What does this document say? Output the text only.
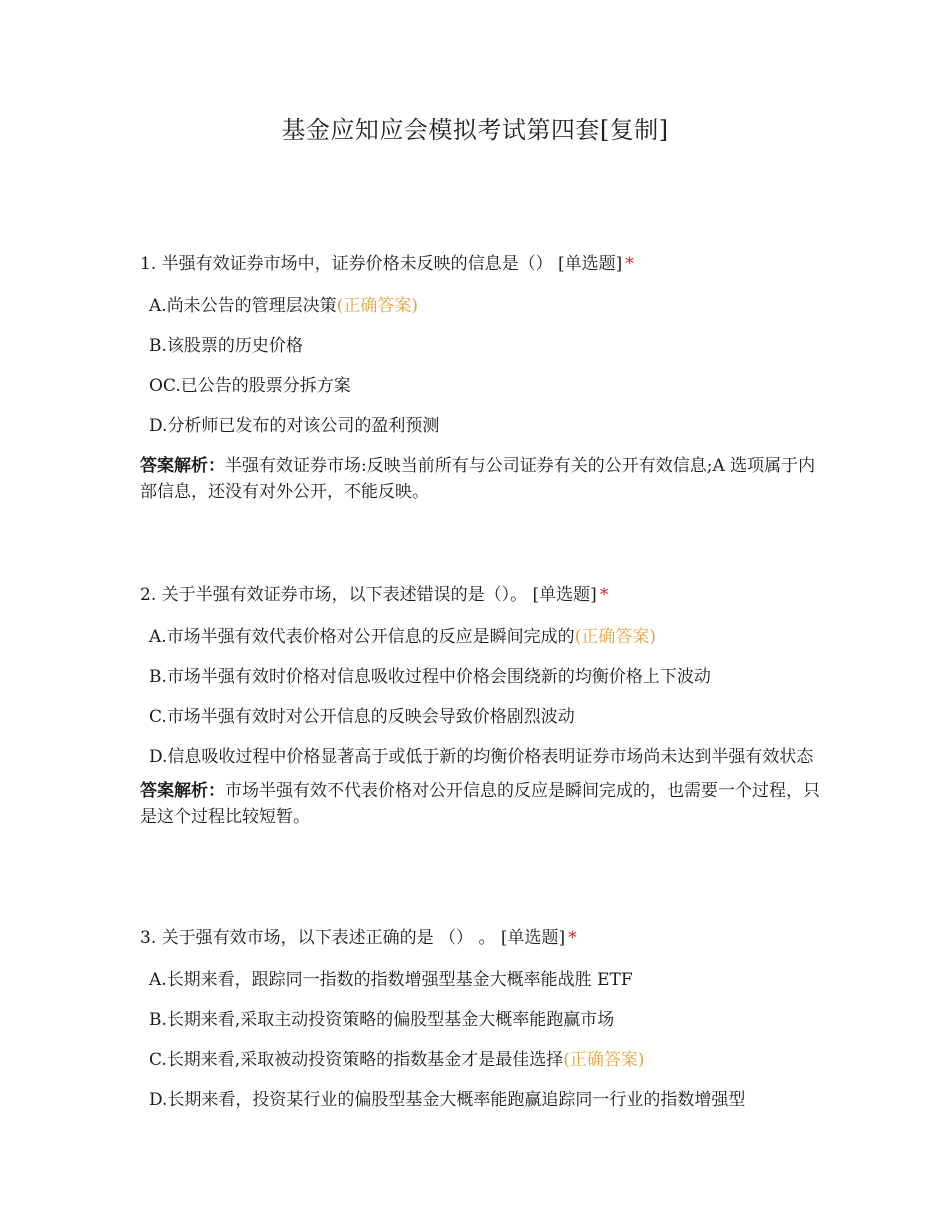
基金应知应会模拟考试第四套[复制]

1. 半强有效证券市场中，证券价格未反映的信息是（） [单选题] *

A.尚未公告的管理层决策(正确答案)
B.该股票的历史价格
OC.已公告的股票分拆方案
D.分析师已发布的对该公司的盈利预测

答案解析：半强有效证券市场:反映当前所有与公司证券有关的公开有效信息;A 选项属于内部信息，还没有对外公开，不能反映。

2. 关于半强有效证券市场，以下表述错误的是（）。 [单选题] *

A.市场半强有效代表价格对公开信息的反应是瞬间完成的(正确答案)
B.市场半强有效时价格对信息吸收过程中价格会围绕新的均衡价格上下波动
C.市场半强有效时对公开信息的反映会导致价格剧烈波动
D.信息吸收过程中价格显著高于或低于新的均衡价格表明证券市场尚未达到半强有效状态

答案解析：市场半强有效不代表价格对公开信息的反应是瞬间完成的，也需要一个过程，只是这个过程比较短暂。

3. 关于强有效市场，以下表述正确的是 （） 。 [单选题] *

A.长期来看，跟踪同一指数的指数增强型基金大概率能战胜 ETF
B.长期来看,采取主动投资策略的偏股型基金大概率能跑赢市场
C.长期来看,采取被动投资策略的指数基金才是最佳选择(正确答案)
D.长期来看，投资某行业的偏股型基金大概率能跑赢追踪同一行业的指数增强型
